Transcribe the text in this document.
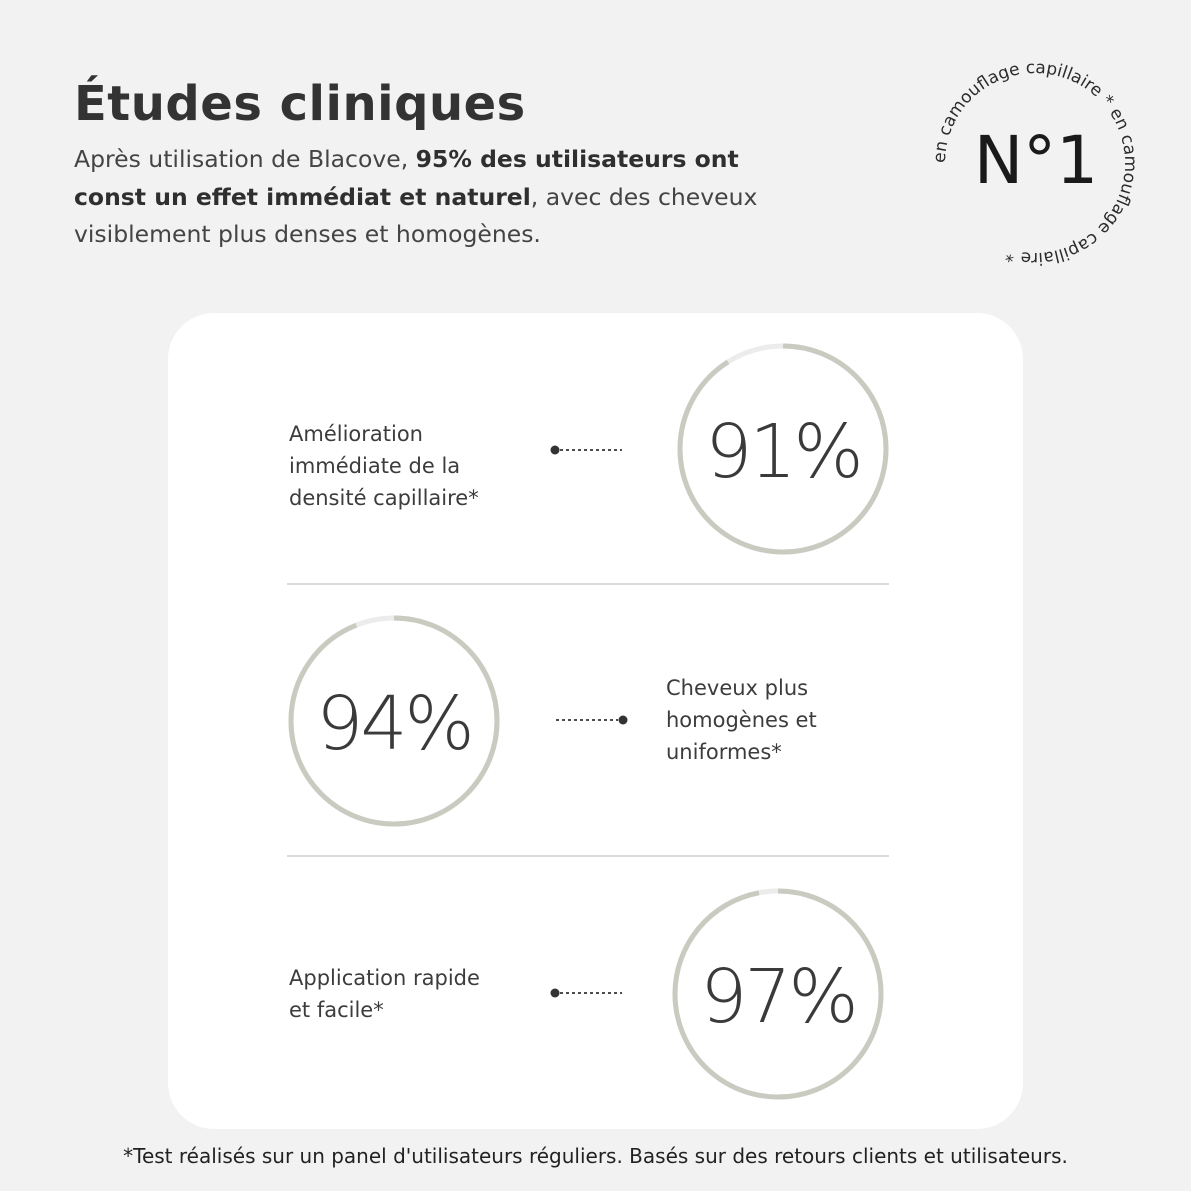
Études cliniques

Après utilisation de Blacove, 95% des utilisateurs ont const un effet immédiat et naturel, avec des cheveux visiblement plus denses et homogènes.

en camouflage capillaire * en camouflage capillaire *
N°1

Amélioration
immédiate de la
densité capillaire*

91%
94%	Cheveux plus
homogènes et
uniformes*

Application rapide
et facile*	97%
*Test réalisés sur un panel d'utilisateurs réguliers. Basés sur des retours clients et utilisateurs.
